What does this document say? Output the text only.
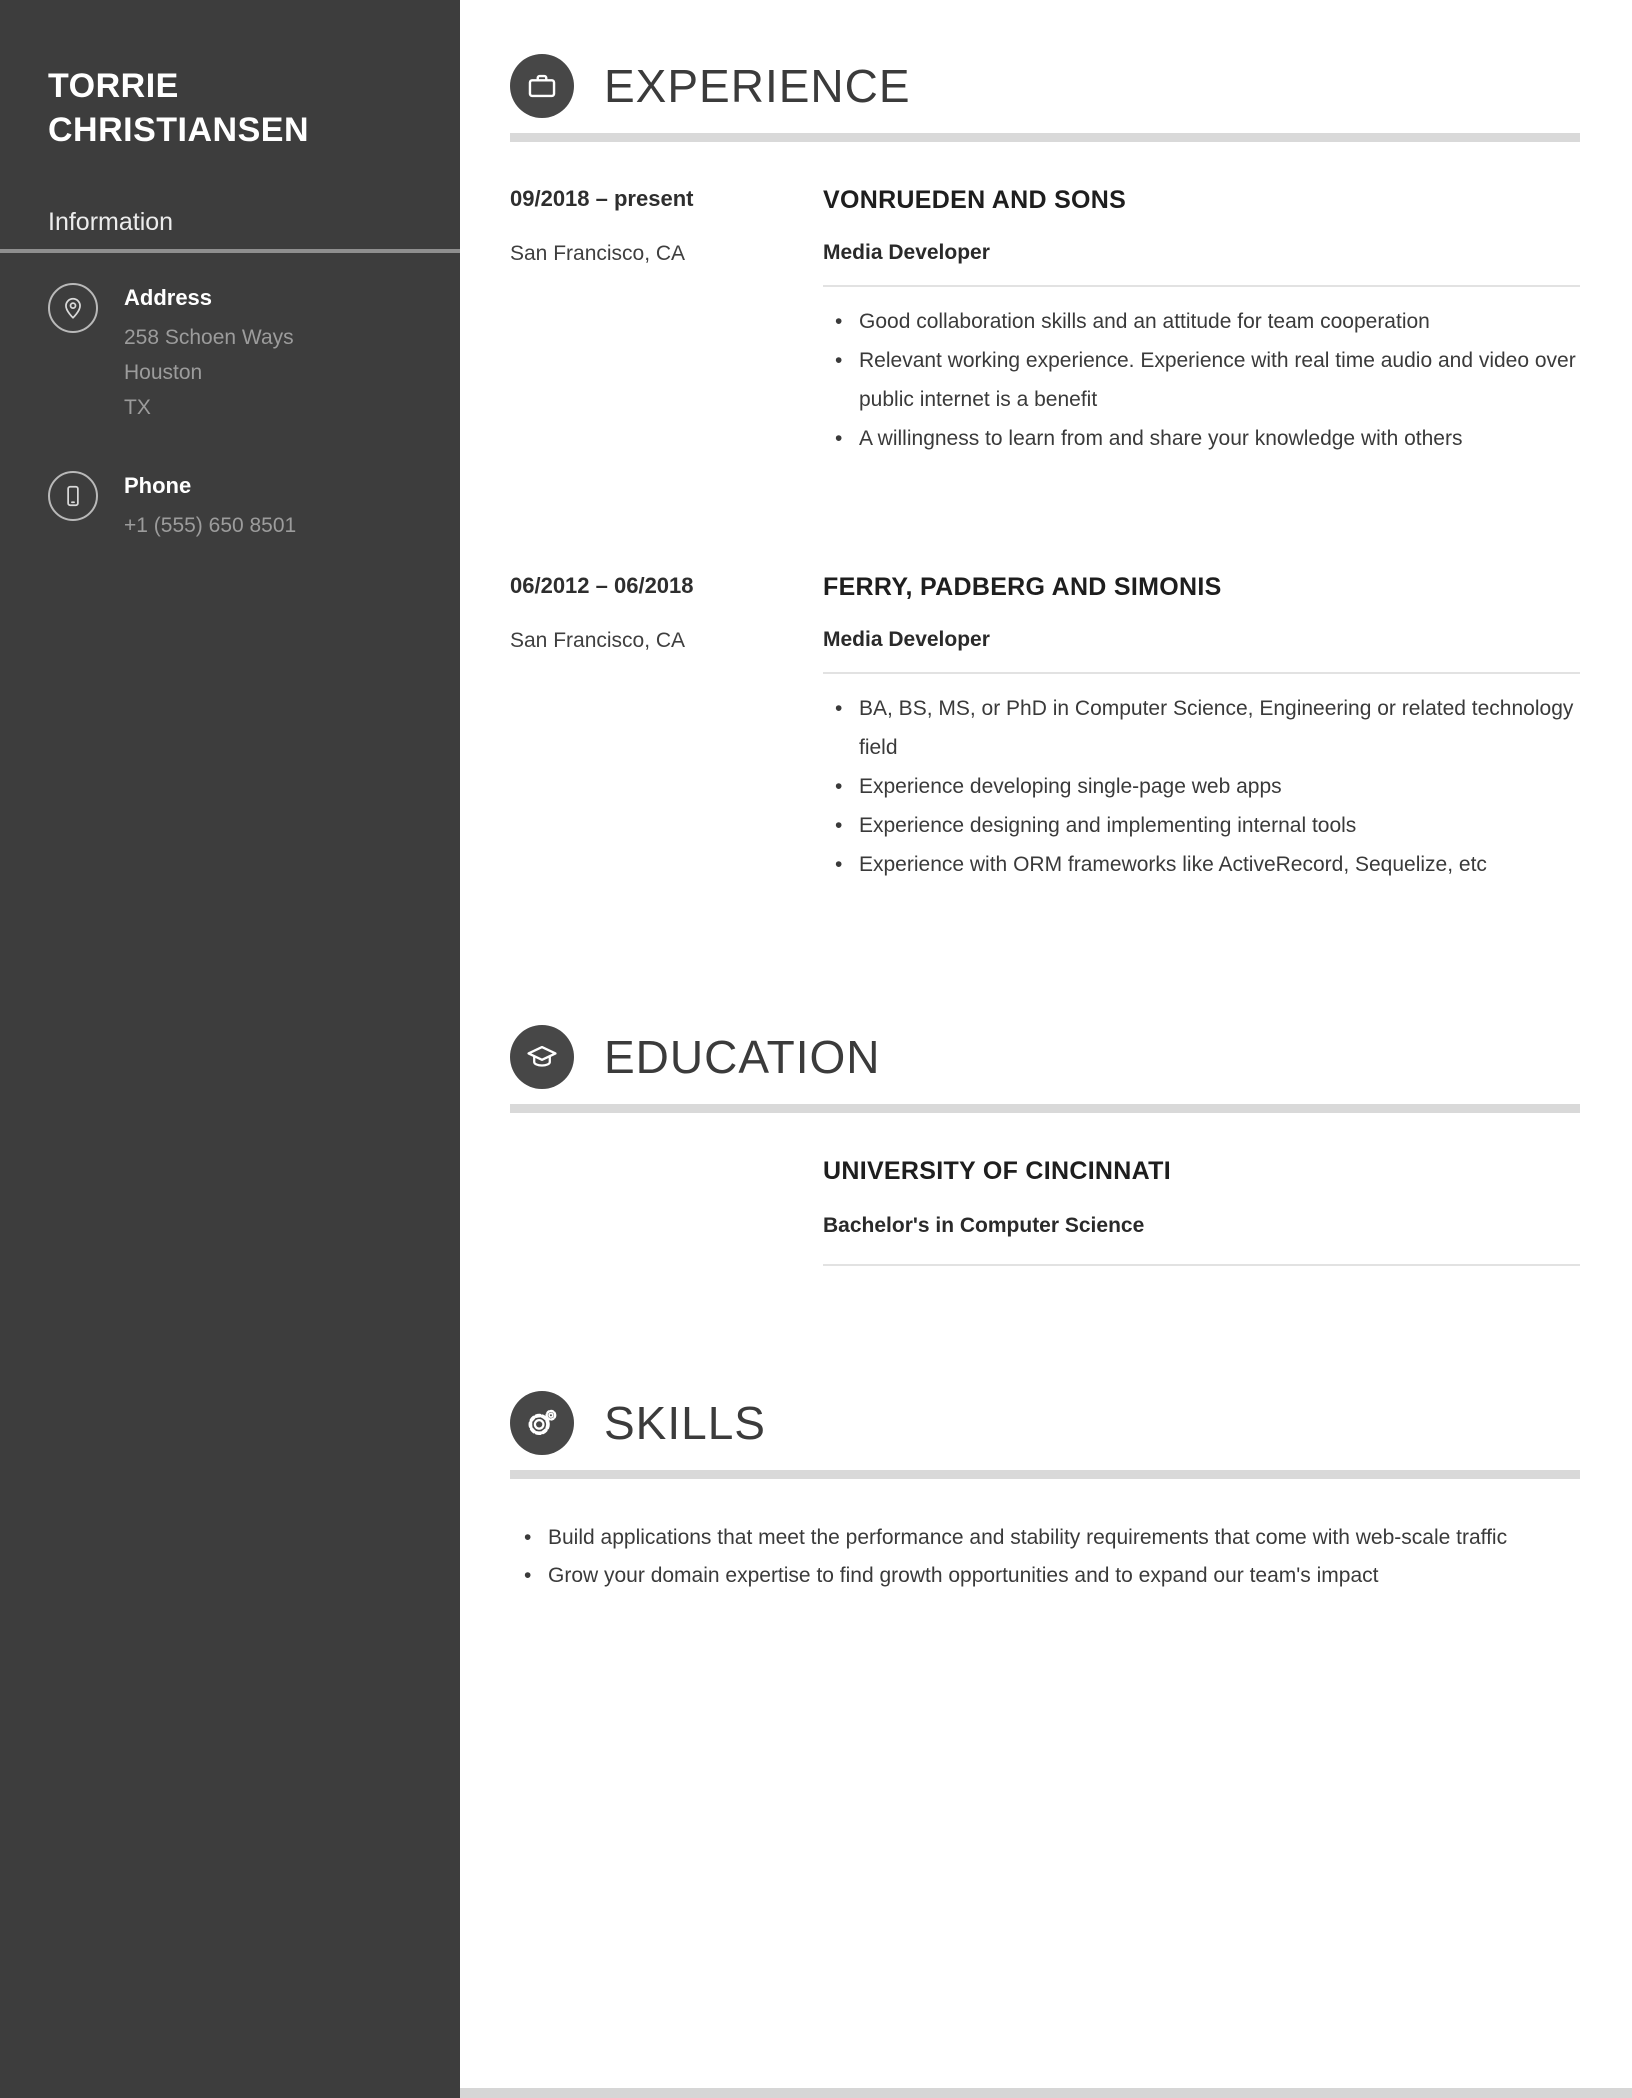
TORRIE CHRISTIANSEN
Information
Address
258 Schoen Ways
Houston
TX
Phone
+1 (555) 650 8501
EXPERIENCE
09/2018 – present
San Francisco, CA
VONRUEDEN AND SONS
Media Developer
• Good collaboration skills and an attitude for team cooperation
• Relevant working experience. Experience with real time audio and video over public internet is a benefit
• A willingness to learn from and share your knowledge with others
06/2012 – 06/2018
San Francisco, CA
FERRY, PADBERG AND SIMONIS
Media Developer
• BA, BS, MS, or PhD in Computer Science, Engineering or related technology field
• Experience developing single-page web apps
• Experience designing and implementing internal tools
• Experience with ORM frameworks like ActiveRecord, Sequelize, etc
EDUCATION
UNIVERSITY OF CINCINNATI
Bachelor's in Computer Science
SKILLS
• Build applications that meet the performance and stability requirements that come with web-scale traffic
• Grow your domain expertise to find growth opportunities and to expand our team's impact
